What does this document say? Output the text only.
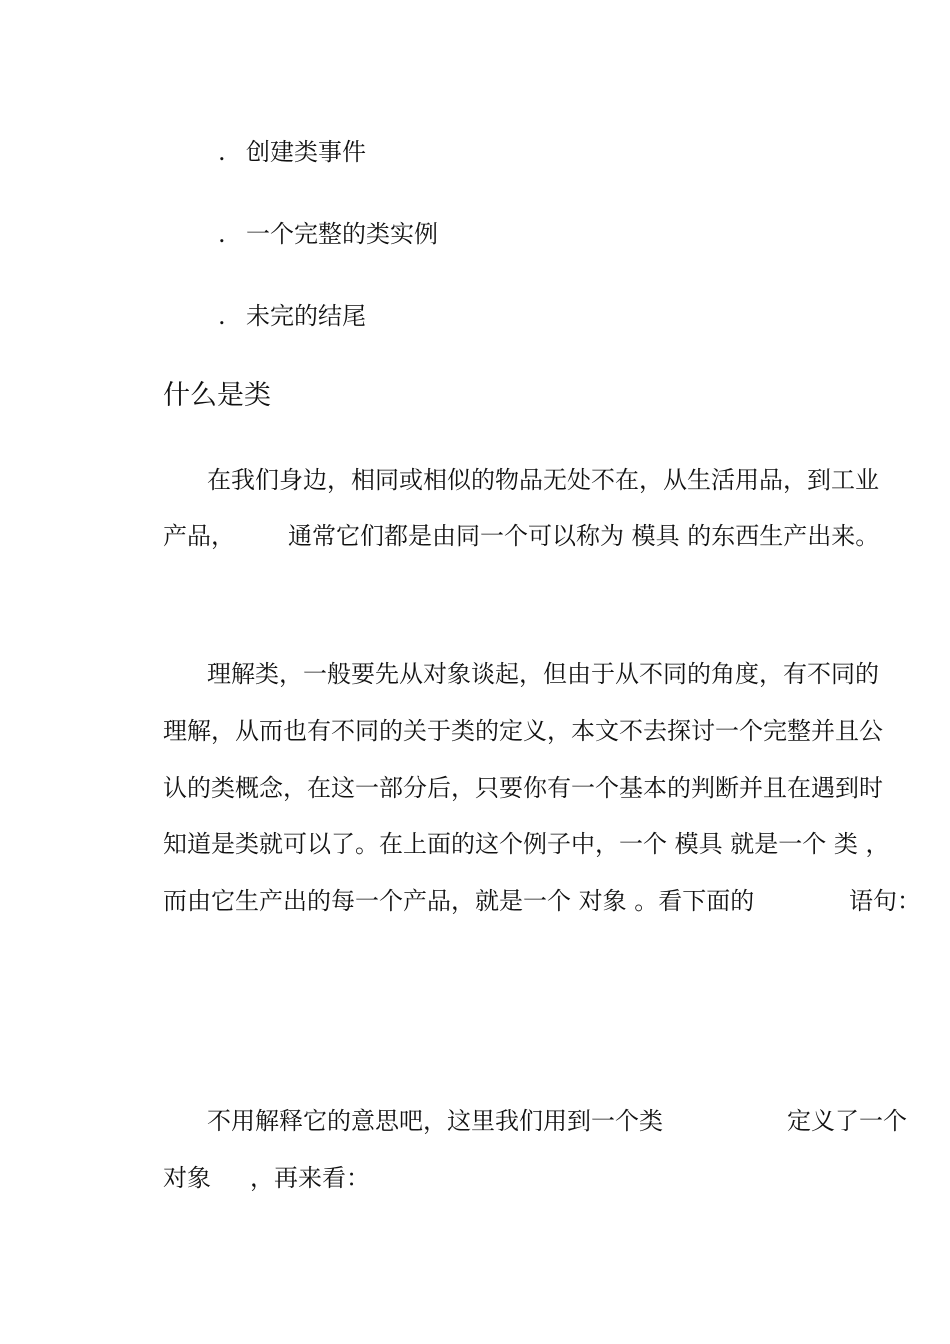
. 创建类事件
. 一个完整的类实例
. 未完的结尾
什么是类
在我们身边，相同或相似的物品无处不在，从生活用品，到工业
产品， 通常它们都是由同一个可以称为 模具 的东西生产出来。
理解类，一般要先从对象谈起，但由于从不同的角度，有不同的
理解，从而也有不同的关于类的定义，本文不去探讨一个完整并且公
认的类概念，在这一部分后，只要你有一个基本的判断并且在遇到时
知道是类就可以了。在上面的这个例子中，一个 模具 就是一个 类 ，
而由它生产出的每一个产品，就是一个 对象 。看下面的	语句：
不用解释它的意思吧，这里我们用到一个类	定义了一个
对象 ，再来看：
